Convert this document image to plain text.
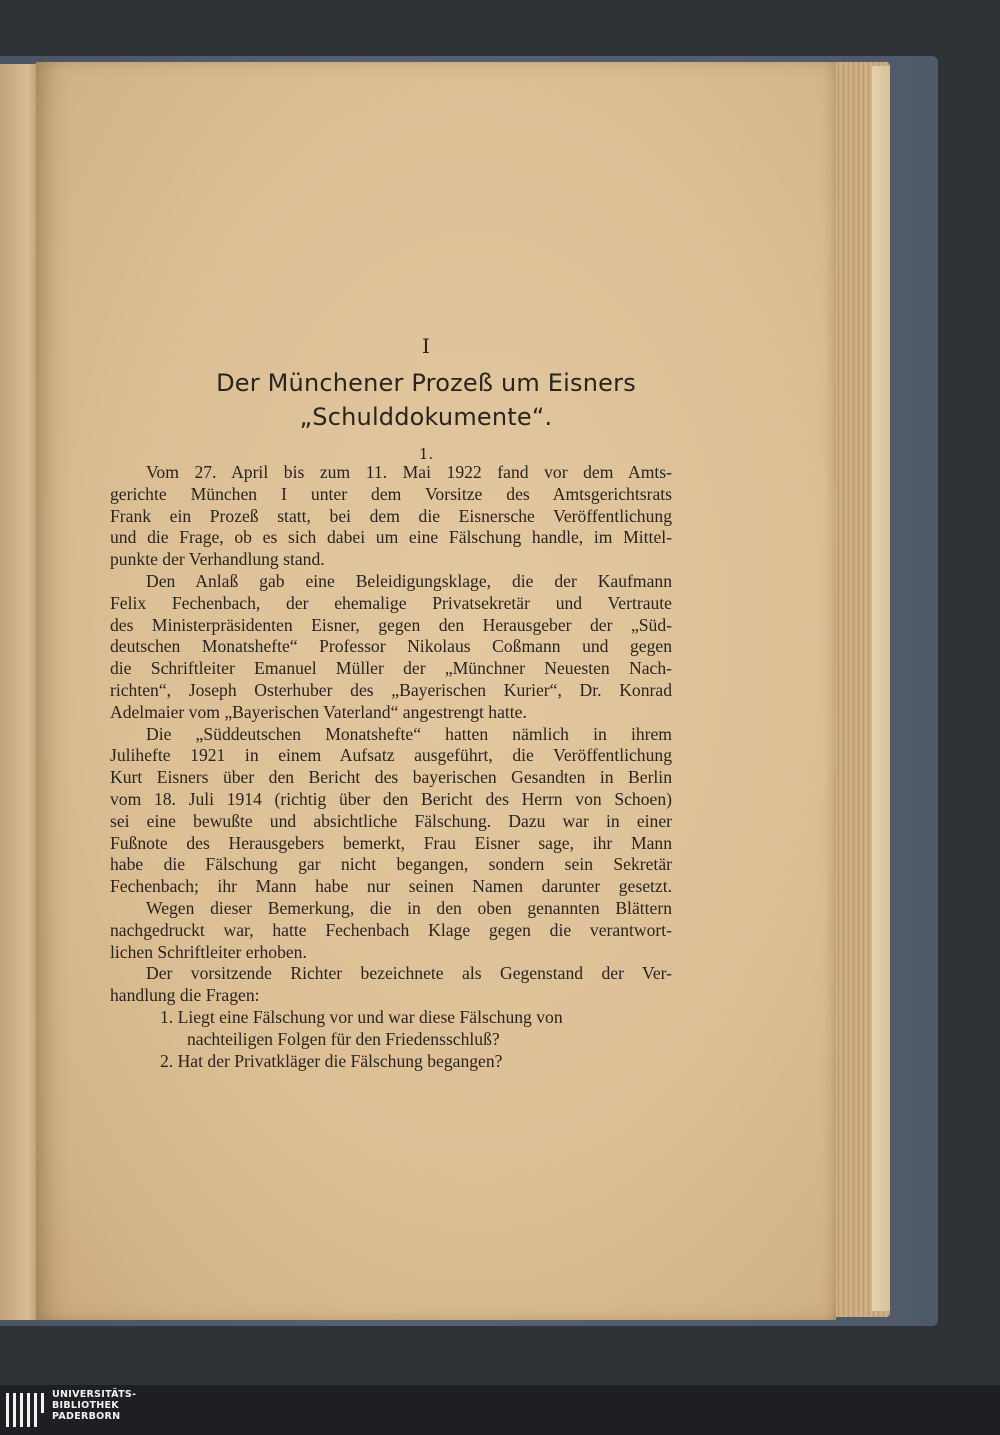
I
Der Münchener Prozeß um Eisners
„Schulddokumente“.
1.
Vom 27. April bis zum 11. Mai 1922 fand vor dem Amts-
gerichte München I unter dem Vorsitze des Amtsgerichtsrats
Frank ein Prozeß statt, bei dem die Eisnersche Veröffentlichung
und die Frage, ob es sich dabei um eine Fälschung handle, im Mittel-
punkte der Verhandlung stand.
Den Anlaß gab eine Beleidigungsklage, die der Kaufmann
Felix Fechenbach, der ehemalige Privatsekretär und Vertraute
des Ministerpräsidenten Eisner, gegen den Herausgeber der „Süd-
deutschen Monatshefte“ Professor Nikolaus Coßmann und gegen
die Schriftleiter Emanuel Müller der „Münchner Neuesten Nach-
richten“, Joseph Osterhuber des „Bayerischen Kurier“, Dr. Konrad
Adelmaier vom „Bayerischen Vaterland“ angestrengt hatte.
Die „Süddeutschen Monatshefte“ hatten nämlich in ihrem
Julihefte 1921 in einem Aufsatz ausgeführt, die Veröffentlichung
Kurt Eisners über den Bericht des bayerischen Gesandten in Berlin
vom 18. Juli 1914 (richtig über den Bericht des Herrn von Schoen)
sei eine bewußte und absichtliche Fälschung. Dazu war in einer
Fußnote des Herausgebers bemerkt, Frau Eisner sage, ihr Mann
habe die Fälschung gar nicht begangen, sondern sein Sekretär
Fechenbach; ihr Mann habe nur seinen Namen darunter gesetzt.
Wegen dieser Bemerkung, die in den oben genannten Blättern
nachgedruckt war, hatte Fechenbach Klage gegen die verantwort-
lichen Schriftleiter erhoben.
Der vorsitzende Richter bezeichnete als Gegenstand der Ver-
handlung die Fragen:
1. Liegt eine Fälschung vor und war diese Fälschung von
nachteiligen Folgen für den Friedensschluß?
2. Hat der Privatkläger die Fälschung begangen?
UNIVERSITÄTS-
BIBLIOTHEK
PADERBORN
